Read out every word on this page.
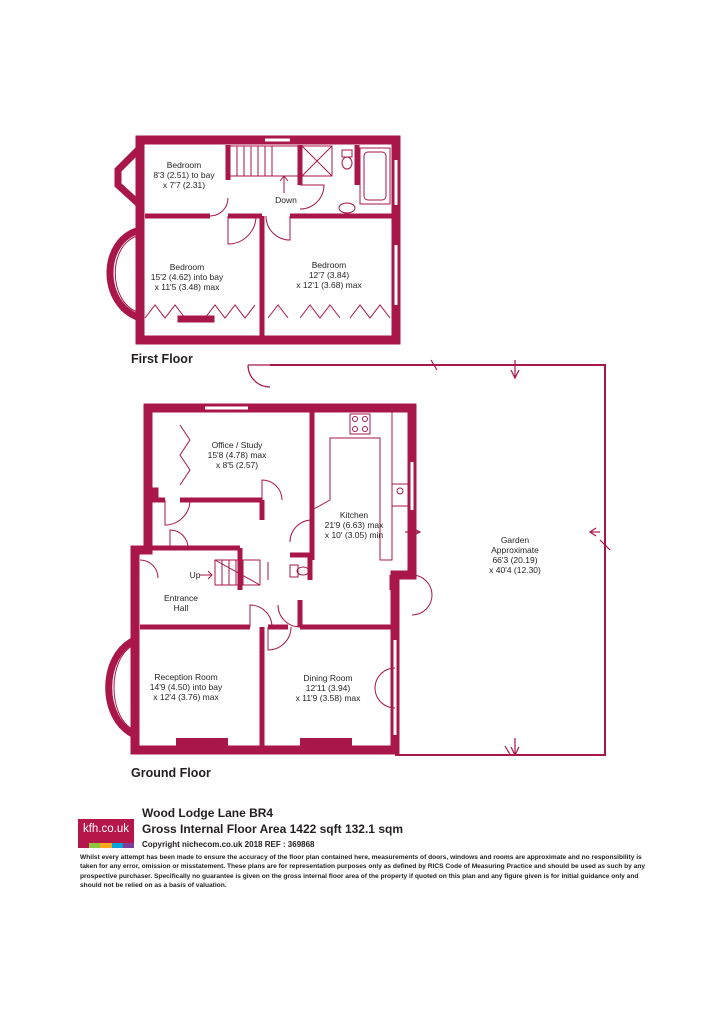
Bedroom
8'3 (2.51) to bay
x 7'7 (2.31)
Down
Bedroom
15'2 (4.62) into bay
x 11'5 (3.48) max
Bedroom
12'7 (3.84)
x 12'1 (3.68) max
Office / Study
15'8 (4.78) max
x 8'5 (2.57)
Kitchen
21'9 (6.63) max
x 10' (3.05) min	Garden
Approximate
66'3 (20.19)
x 40'4 (12.30)
Up
Entrance
Hall
Reception Room
14'9 (4.50) into bay
x 12'4 (3.76) max
Dining Room
12'11 (3.94)
x 11'9 (3.58) max
First Floor
Ground Floor
kfh.co.uk
Wood Lodge Lane BR4
Gross Internal Floor Area 1422 sqft 132.1 sqm
Copyright nichecom.co.uk 2018 REF : 369868
Whilst every attempt has been made to ensure the accuracy of the floor plan contained here, measurements of doors, windows and rooms are approximate and no responsibility is taken for any error, omission or misstatement. These plans are for representation purposes only as defined by RICS Code of Measuring Practice and should be used as such by any prospective purchaser. Specifically no guarantee is given on the gross internal floor area of the property if quoted on this plan and any figure given is for initial guidance only and should not be relied on as a basis of valuation.
